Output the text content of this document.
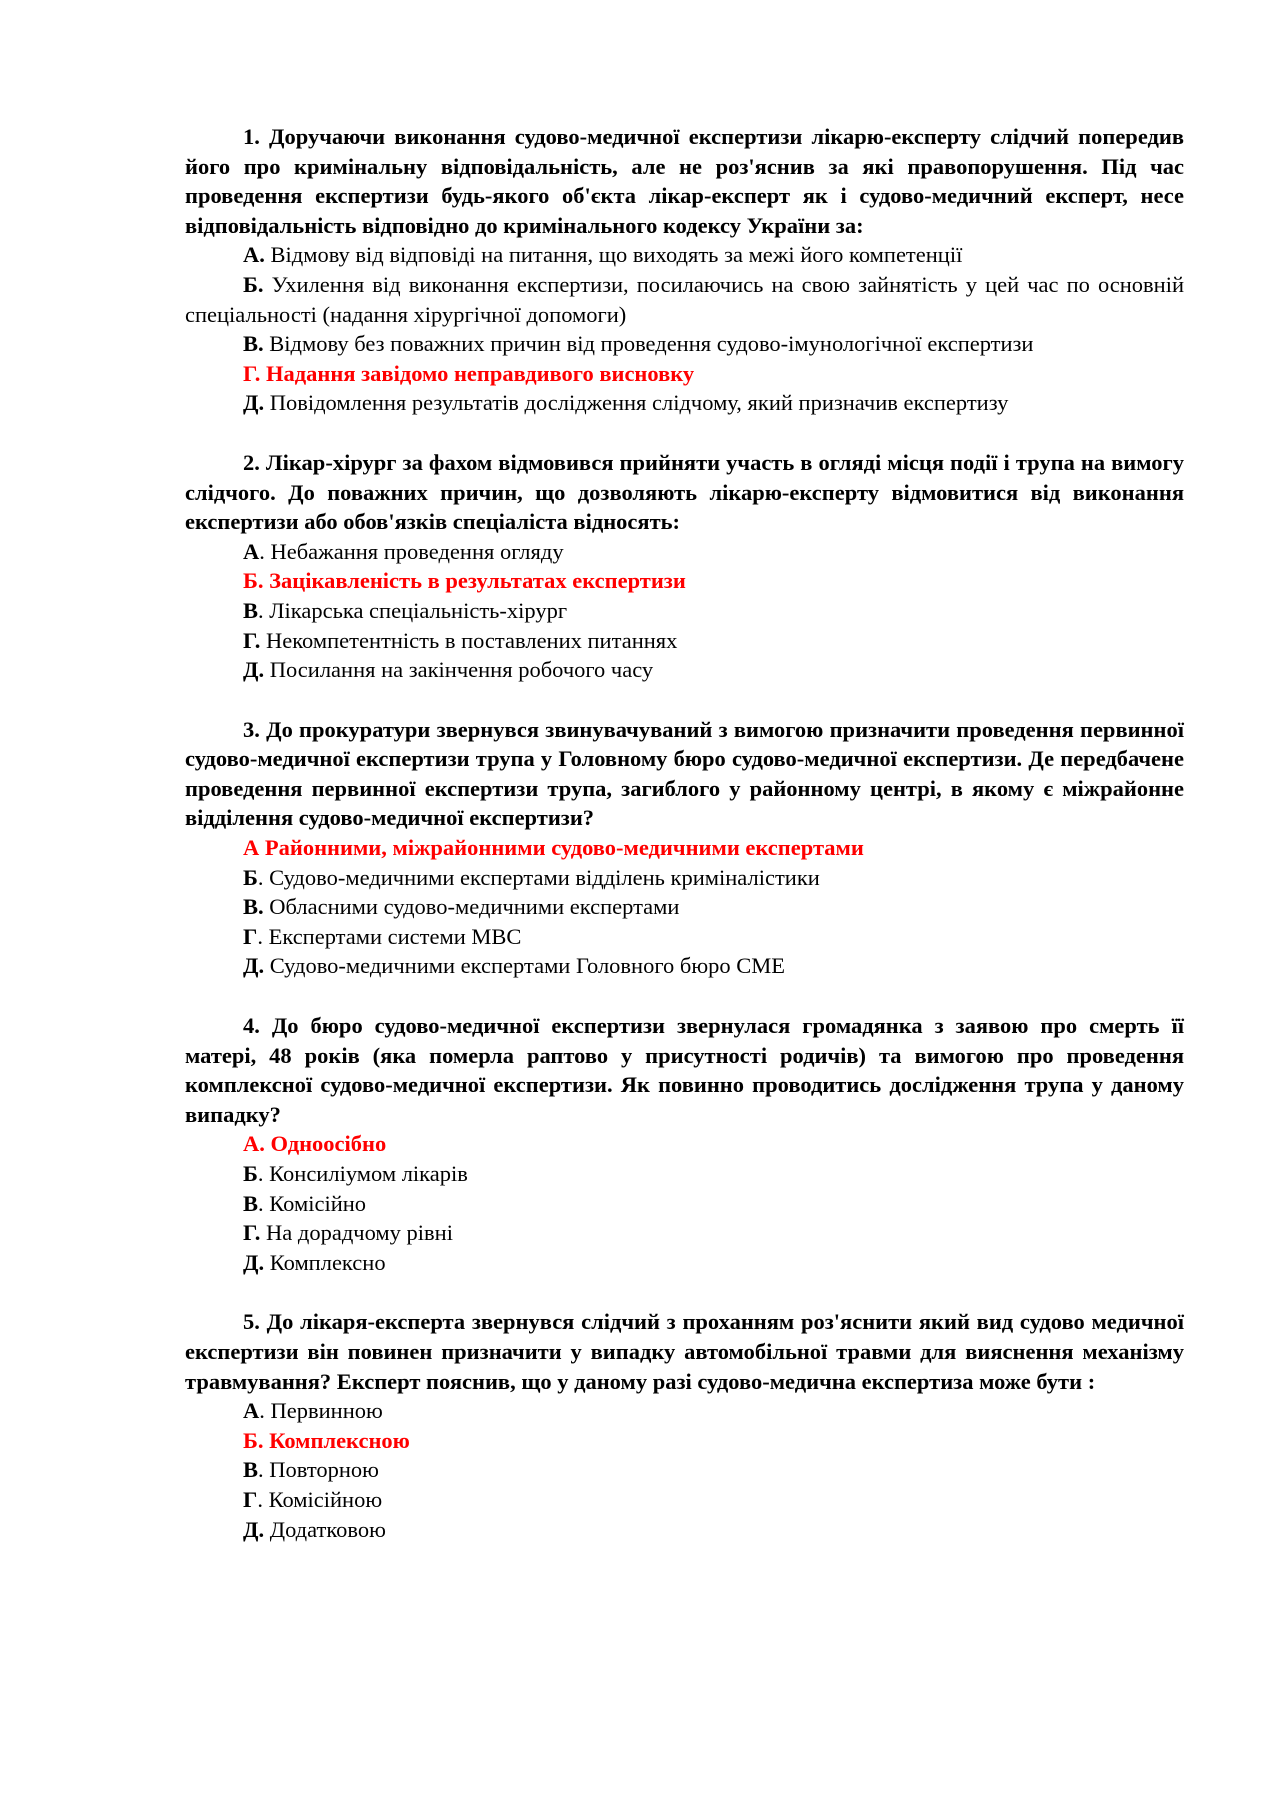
1. Доручаючи виконання судово-медичної експертизи лікарю-експерту слідчий попередив його про кримінальну відповідальність, але не роз'яснив за які правопорушення. Під час проведення експертизи будь-якого об'єкта лікар-експерт як і судово-медичний експерт, несе відповідальність відповідно до кримінального кодексу України за:

А. Відмову від відповіді на питання, що виходять за межі його компетенції

Б. Ухилення від виконання експертизи, посилаючись на свою зайнятість у цей час по основній спеціальності (надання хірургічної допомоги)

В. Відмову без поважних причин від проведення судово-імунологічної експертизи

Г. Надання завідомо неправдивого висновку

Д. Повідомлення результатів дослідження слідчому, який призначив експертизу

2. Лікар-хірург за фахом відмовився прийняти участь в огляді місця події і трупа на вимогу слідчого. До поважних причин, що дозволяють лікарю-експерту відмовитися від виконання експертизи або обов'язків спеціаліста відносять:

А. Небажання проведення огляду

Б. Зацікавленість в результатах експертизи

В. Лікарська спеціальність-хірург

Г. Некомпетентність в поставлених питаннях

Д. Посилання на закінчення робочого часу

3. До прокуратури звернувся звинувачуваний з вимогою призначити проведення первинної судово-медичної експертизи трупа у Головному бюро судово-медичної експертизи. Де передбачене проведення первинної експертизи трупа, загиблого у районному центрі, в якому є міжрайонне відділення судово-медичної експертизи?

А Районними, міжрайонними судово-медичними експертами

Б. Судово-медичними експертами відділень криміналістики

В. Обласними судово-медичними експертами

Г. Експертами системи МВС

Д. Судово-медичними експертами Головного бюро СМЕ

4. До бюро судово-медичної експертизи звернулася громадянка з заявою про смерть її матері, 48 років (яка померла раптово у присутності родичів) та вимогою про проведення комплексної судово-медичної експертизи. Як повинно проводитись дослідження трупа у даному випадку?

А. Одноосібно

Б. Консиліумом лікарів

В. Комісійно

Г. На дорадчому рівні

Д. Комплексно

5. До лікаря-експерта звернувся слідчий з проханням роз'яснити який вид судово медичної експертизи він повинен призначити у випадку автомобільної травми для вияснення механізму травмування? Експерт пояснив, що у даному разі судово-медична експертиза може бути :

А. Первинною

Б. Комплексною

В. Повторною

Г. Комісійною

Д. Додатковою
